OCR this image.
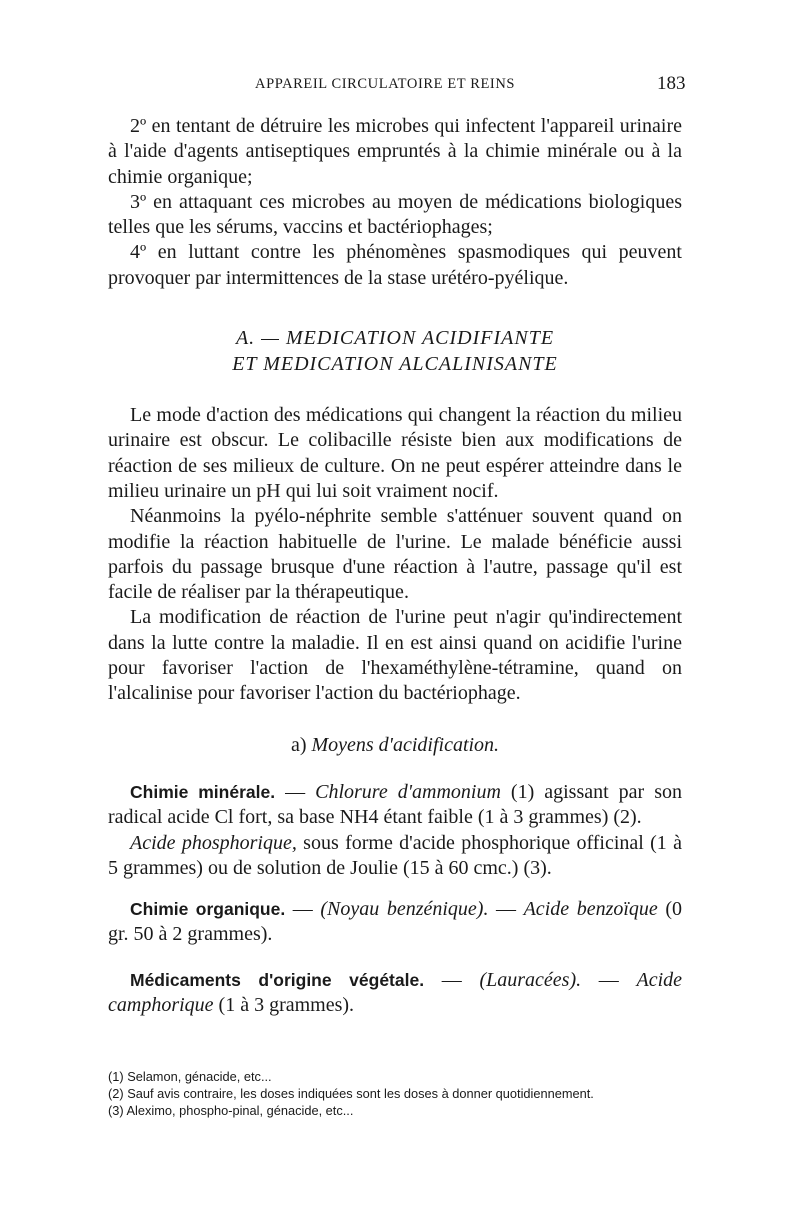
APPAREIL CIRCULATOIRE ET REINS	183

2º en tentant de détruire les microbes qui infectent l'appareil urinaire à l'aide d'agents antiseptiques empruntés à la chimie minérale ou à la chimie organique;

3º en attaquant ces microbes au moyen de médications biologiques telles que les sérums, vaccins et bactériophages;

4º en luttant contre les phénomènes spasmodiques qui peuvent provoquer par intermittences de la stase urétéro-pyélique.

A. — MEDICATION ACIDIFIANTE
ET MEDICATION ALCALINISANTE

Le mode d'action des médications qui changent la réaction du milieu urinaire est obscur. Le colibacille résiste bien aux modifications de réaction de ses milieux de culture. On ne peut espérer atteindre dans le milieu urinaire un pH qui lui soit vraiment nocif.

Néanmoins la pyélo-néphrite semble s'atténuer souvent quand on modifie la réaction habituelle de l'urine. Le malade bénéficie aussi parfois du passage brusque d'une réaction à l'autre, passage qu'il est facile de réaliser par la thérapeutique.

La modification de réaction de l'urine peut n'agir qu'indirectement dans la lutte contre la maladie. Il en est ainsi quand on acidifie l'urine pour favoriser l'action de l'hexaméthylène-tétramine, quand on l'alcalinise pour favoriser l'action du bactériophage.

a) Moyens d'acidification.

Chimie minérale. — Chlorure d'ammonium (1) agissant par son radical acide Cl fort, sa base NH4 étant faible (1 à 3 grammes) (2).

Acide phosphorique, sous forme d'acide phosphorique officinal (1 à 5 grammes) ou de solution de Joulie (15 à 60 cmc.) (3).

Chimie organique. — (Noyau benzénique). — Acide benzoïque (0 gr. 50 à 2 grammes).

Médicaments d'origine végétale. — (Lauracées). — Acide camphorique (1 à 3 grammes).

(1) Selamon, génacide, etc...
(2) Sauf avis contraire, les doses indiquées sont les doses à donner quotidiennement.
(3) Aleximo, phospho-pinal, génacide, etc...
